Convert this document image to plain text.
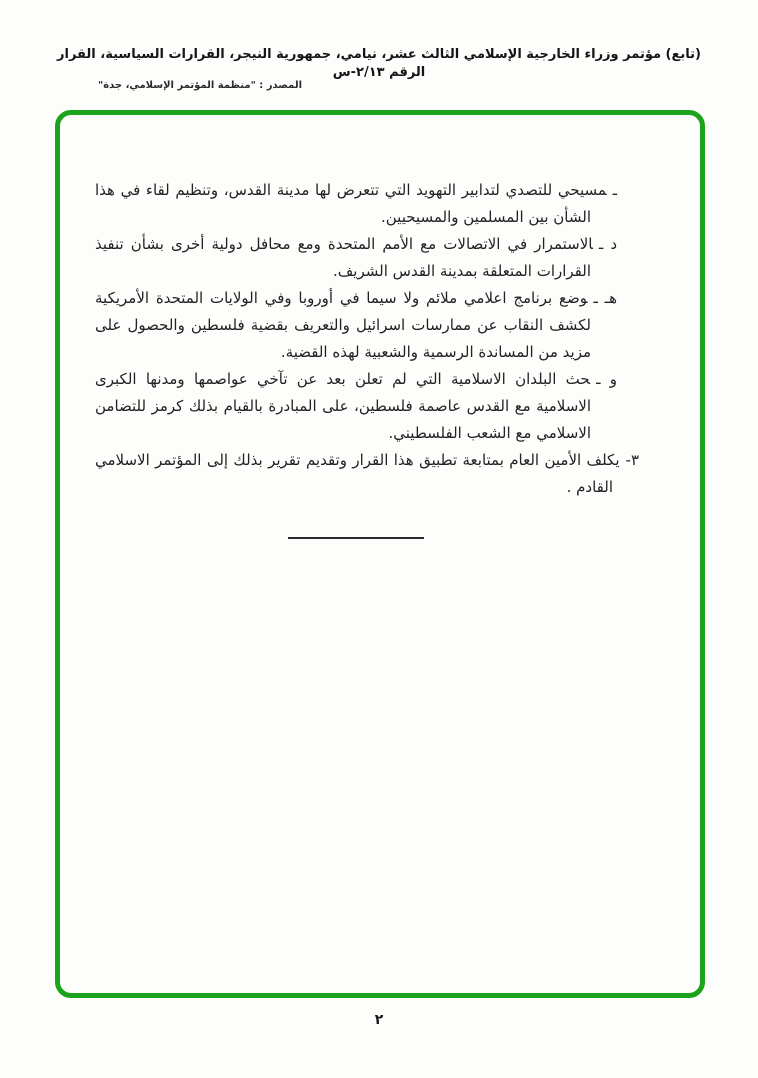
(تابع) مؤتمر وزراء الخارجية الإسلامي الثالث عشر، نيامي، جمهورية النيجر، القرارات السياسية، القرار الرقم ٢/١٣-س
المصدر : "منظمة المؤتمر الإسلامي، جدة"

ـمسيحي للتصدي لتدابير التهويد التي تتعرض لها مدينة القدس، وتنظيم لقاء في هذا الشأن بين المسلمين والمسيحيين.

د ـالاستمرار في الاتصالات مع الأمم المتحدة ومع محافل دولية أخرى بشأن تنفيذ القرارات المتعلقة بمدينة القدس الشريف.

هـ ـوضع برنامج اعلامي ملائم ولا سيما في أوروبا وفي الولايات المتحدة الأمريكية لكشف النقاب عن ممارسات اسرائيل والتعريف بقضية فلسطين والحصول على مزيد من المساندة الرسمية والشعبية لهذه القضية.

و ـحث البلدان الاسلامية التي لم تعلن بعد عن تآخي عواصمها ومدنها الكبرى الاسلامية مع القدس عاصمة فلسطين، على المبادرة بالقيام بذلك كرمز للتضامن الاسلامي مع الشعب الفلسطيني.

٣-يكلف الأمين العام بمتابعة تطبيق هذا القرار وتقديم تقرير بذلك إلى المؤتمر الاسلامي القادم .

٢
